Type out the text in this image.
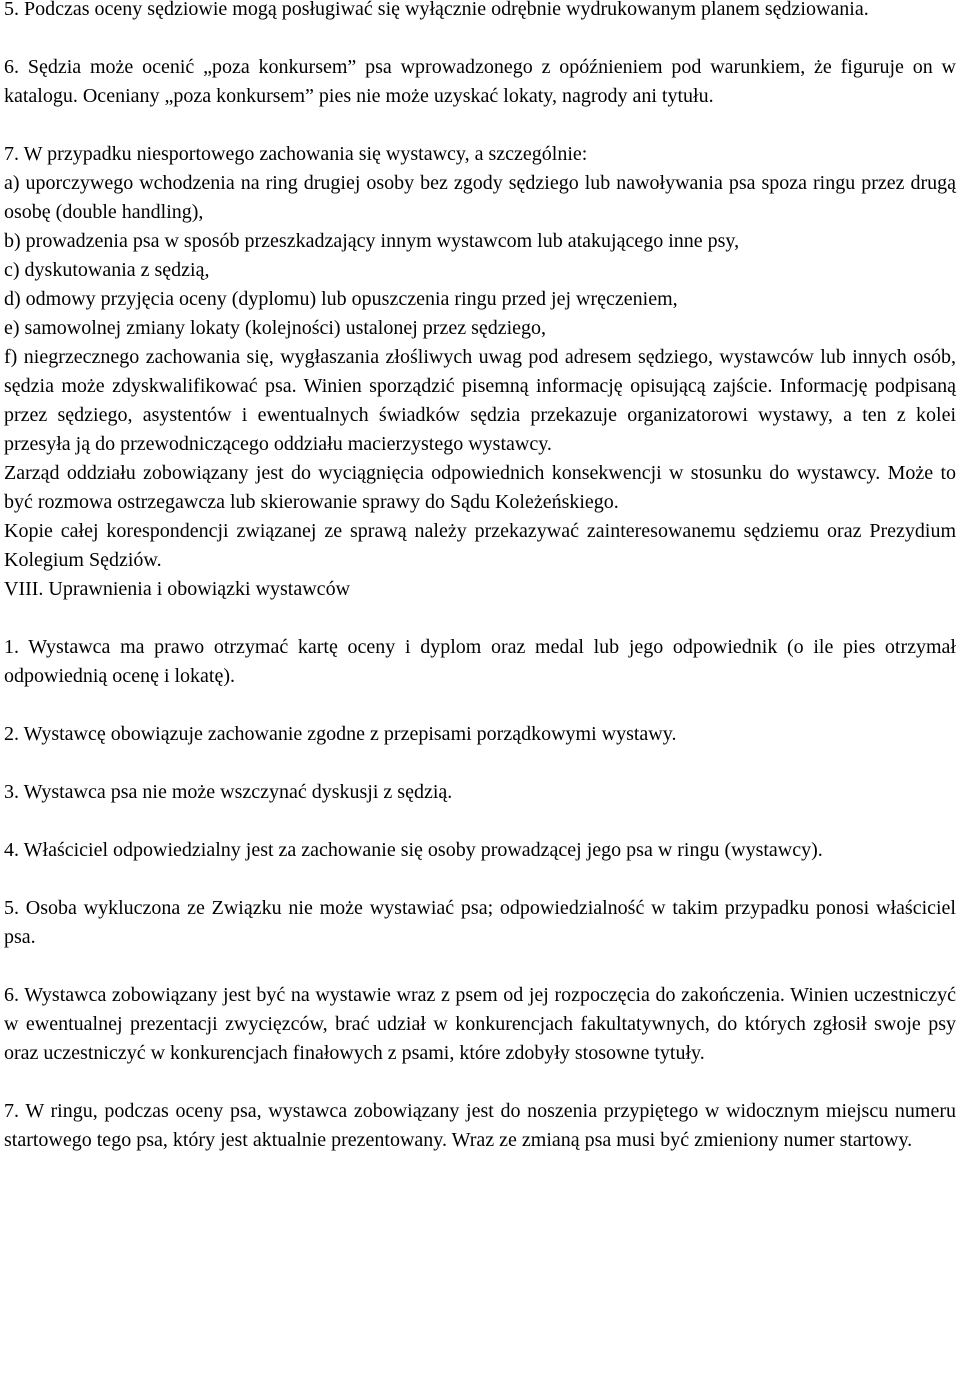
5. Podczas oceny sędziowie mogą posługiwać się wyłącznie odrębnie wydrukowanym planem sędziowania.

6. Sędzia może ocenić „poza konkursem” psa wprowadzonego z opóźnieniem pod warunkiem, że figuruje on w katalogu. Oceniany „poza konkursem” pies nie może uzyskać lokaty, nagrody ani tytułu.

7. W przypadku niesportowego zachowania się wystawcy, a szczególnie:
a) uporczywego wchodzenia na ring drugiej osoby bez zgody sędziego lub nawoływania psa spoza ringu przez drugą osobę (double handling),
b) prowadzenia psa w sposób przeszkadzający innym wystawcom lub atakującego inne psy,
c) dyskutowania z sędzią,
d) odmowy przyjęcia oceny (dyplomu) lub opuszczenia ringu przed jej wręczeniem,
e) samowolnej zmiany lokaty (kolejności) ustalonej przez sędziego,
f) niegrzecznego zachowania się, wygłaszania złośliwych uwag pod adresem sędziego, wystawców lub innych osób, sędzia może zdyskwalifikować psa. Winien sporządzić pisemną informację opisującą zajście. Informację podpisaną przez sędziego, asystentów i ewentualnych świadków sędzia przekazuje organizatorowi wystawy, a ten z kolei przesyła ją do przewodniczącego oddziału macierzystego wystawcy.
Zarząd oddziału zobowiązany jest do wyciągnięcia odpowiednich konsekwencji w stosunku do wystawcy. Może to być rozmowa ostrzegawcza lub skierowanie sprawy do Sądu Koleżeńskiego.
Kopie całej korespondencji związanej ze sprawą należy przekazywać zainteresowanemu sędziemu oraz Prezydium Kolegium Sędziów.

VIII. Uprawnienia i obowiązki wystawców

1. Wystawca ma prawo otrzymać kartę oceny i dyplom oraz medal lub jego odpowiednik (o ile pies otrzymał odpowiednią ocenę i lokatę).

2. Wystawcę obowiązuje zachowanie zgodne z przepisami porządkowymi wystawy.

3. Wystawca psa nie może wszczynać dyskusji z sędzią.

4. Właściciel odpowiedzialny jest za zachowanie się osoby prowadzącej jego psa w ringu (wystawcy).

5. Osoba wykluczona ze Związku nie może wystawiać psa; odpowiedzialność w takim przypadku ponosi właściciel psa.

6. Wystawca zobowiązany jest być na wystawie wraz z psem od jej rozpoczęcia do zakończenia. Winien uczestniczyć w ewentualnej prezentacji zwycięzców, brać udział w konkurencjach fakultatywnych, do których zgłosił swoje psy oraz uczestniczyć w konkurencjach finałowych z psami, które zdobyły stosowne tytuły.

7. W ringu, podczas oceny psa, wystawca zobowiązany jest do noszenia przypiętego w widocznym miejscu numeru startowego tego psa, który jest aktualnie prezentowany. Wraz ze zmianą psa musi być zmieniony numer startowy.
